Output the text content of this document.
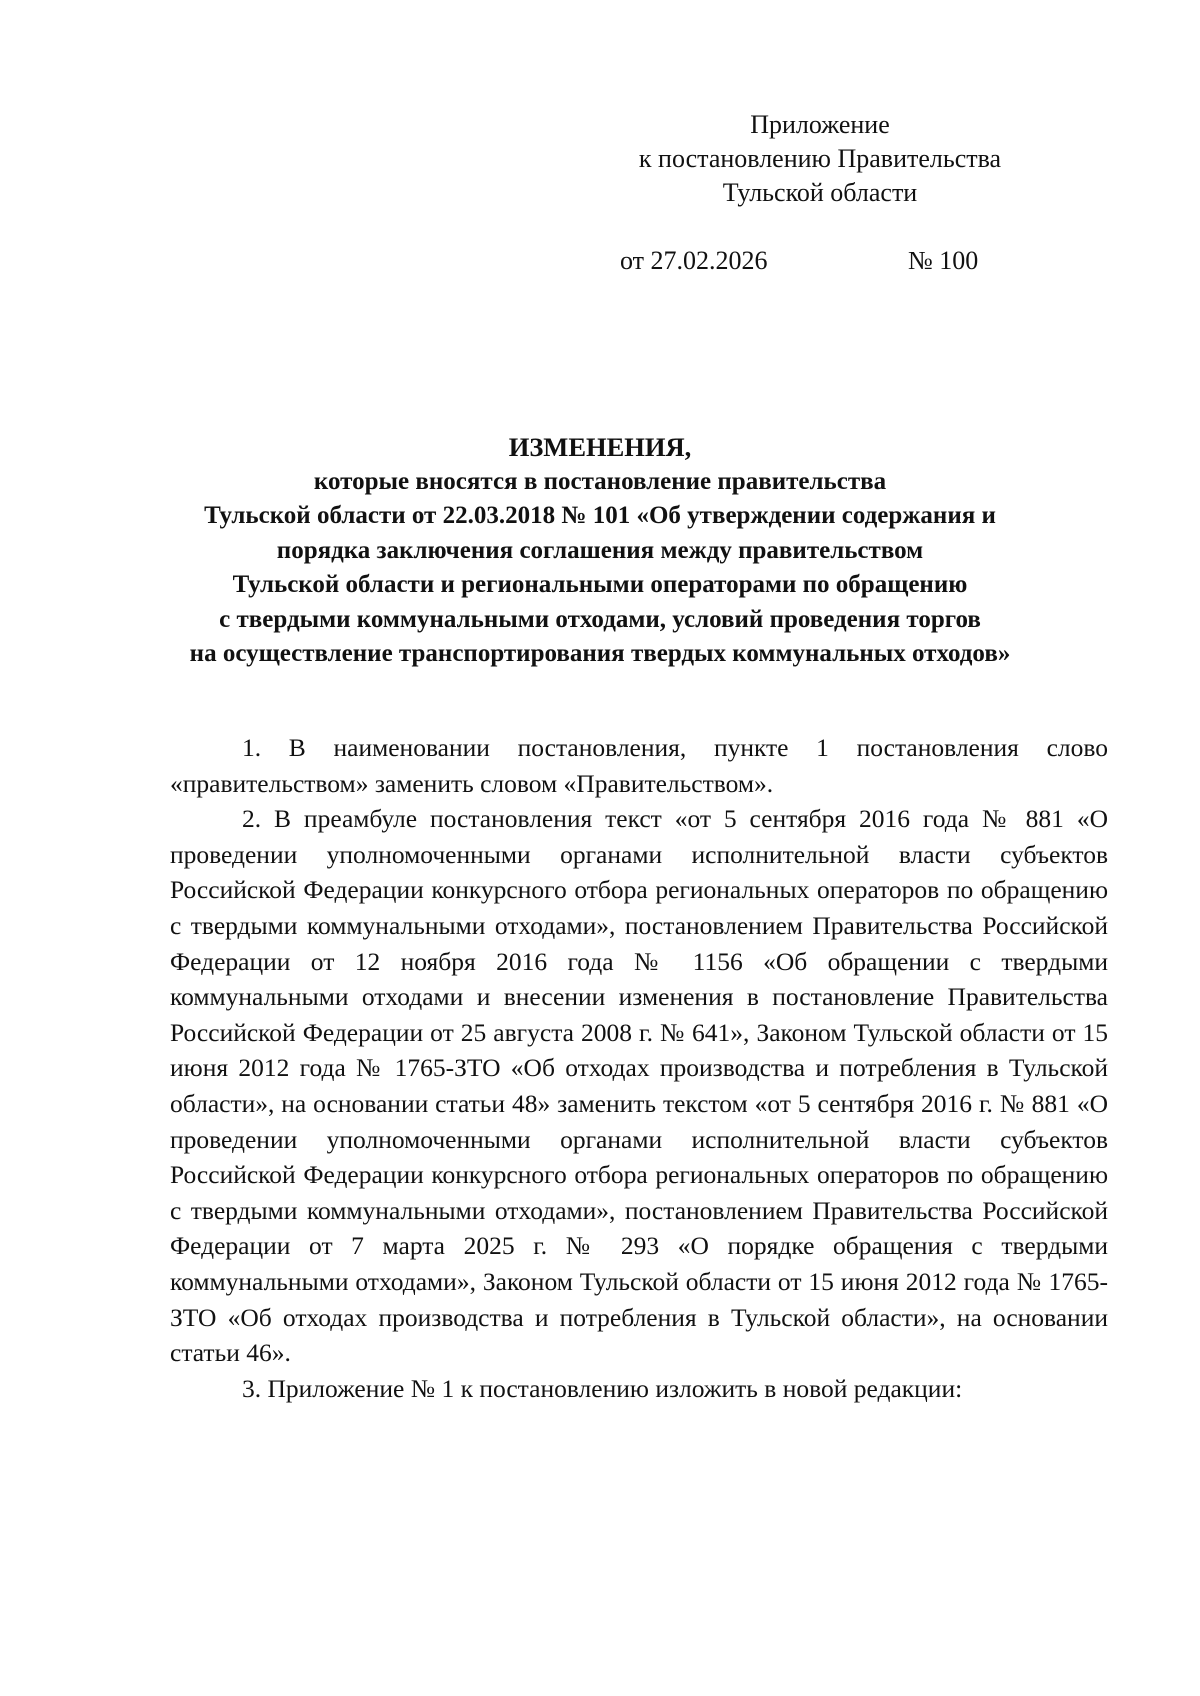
Приложение
к постановлению Правительства
Тульской области
от 27.02.2026	№ 100
ИЗМЕНЕНИЯ,
которые вносятся в постановление правительства
Тульской области от 22.03.2018 № 101 «Об утверждении содержания и
порядка заключения соглашения между правительством
Тульской области и региональными операторами по обращению
с твердыми коммунальными отходами, условий проведения торгов
на осуществление транспортирования твердых коммунальных отходов»

1. В наименовании постановления, пункте 1 постановления слово «правительством» заменить словом «Правительством».

2. В преамбуле постановления текст «от 5 сентября 2016 года № 881 «О проведении уполномоченными органами исполнительной власти субъектов Российской Федерации конкурсного отбора региональных операторов по обращению с твердыми коммунальными отходами», постановлением Правительства Российской Федерации от 12 ноября 2016 года № 1156 «Об обращении с твердыми коммунальными отходами и внесении изменения в постановление Правительства Российской Федерации от 25 августа 2008 г. № 641», Законом Тульской области от 15 июня 2012 года № 1765-ЗТО «Об отходах производства и потребления в Тульской области», на основании статьи 48» заменить текстом «от 5 сентября 2016 г. № 881 «О проведении уполномоченными органами исполнительной власти субъектов Российской Федерации конкурсного отбора региональных операторов по обращению с твердыми коммунальными отходами», постановлением Правительства Российской Федерации от 7 марта 2025 г. № 293 «О порядке обращения с твердыми коммунальными отходами», Законом Тульской области от 15 июня 2012 года № 1765-ЗТО «Об отходах производства и потребления в Тульской области», на основании статьи 46».

3. Приложение № 1 к постановлению изложить в новой редакции:
